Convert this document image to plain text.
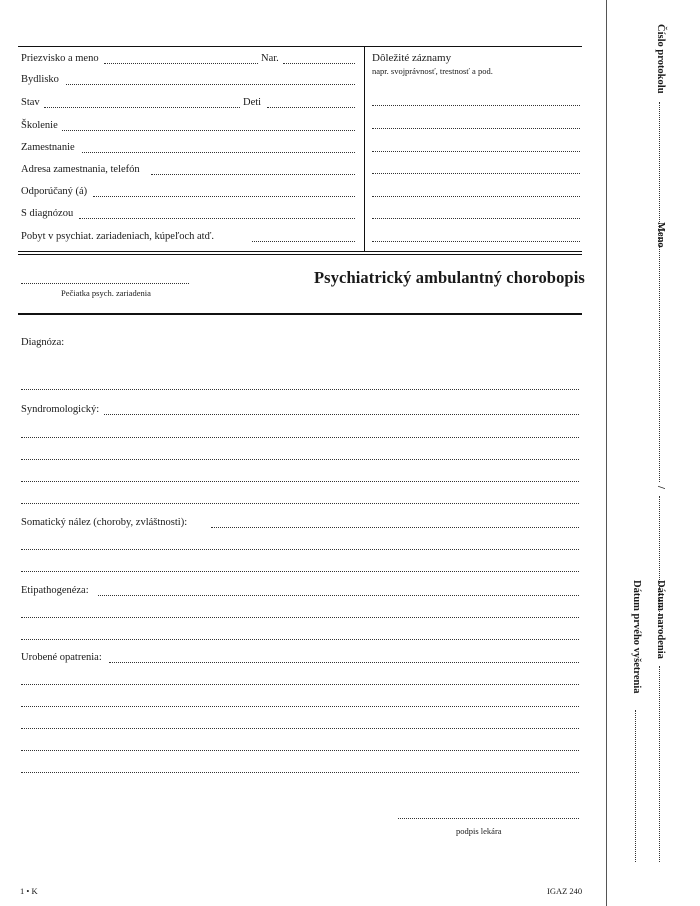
Priezvisko a meno	Nar.
Bydlisko
Stav	Deti
Školenie
Zamestnanie
Adresa zamestnania, telefón
Odporúčaný (á)
S diagnózou
Pobyt v psychiat. zariadeniach, kúpeľoch atď.
Dôležité záznamy
napr. svojprávnosť, trestnosť a pod.
Pečiatka psych. zariadenia
Psychiatrický ambulantný chorobopis
Diagnóza:
Syndromologický:
Somatický nález (choroby, zvláštnosti):
Etipathogenéza:
Urobené opatrenia:
podpis lekára
1 • K	IGAZ 240
Číslo protokolu
/
Meno
Dátum narodenia
Dátum prvého vyšetrenia
